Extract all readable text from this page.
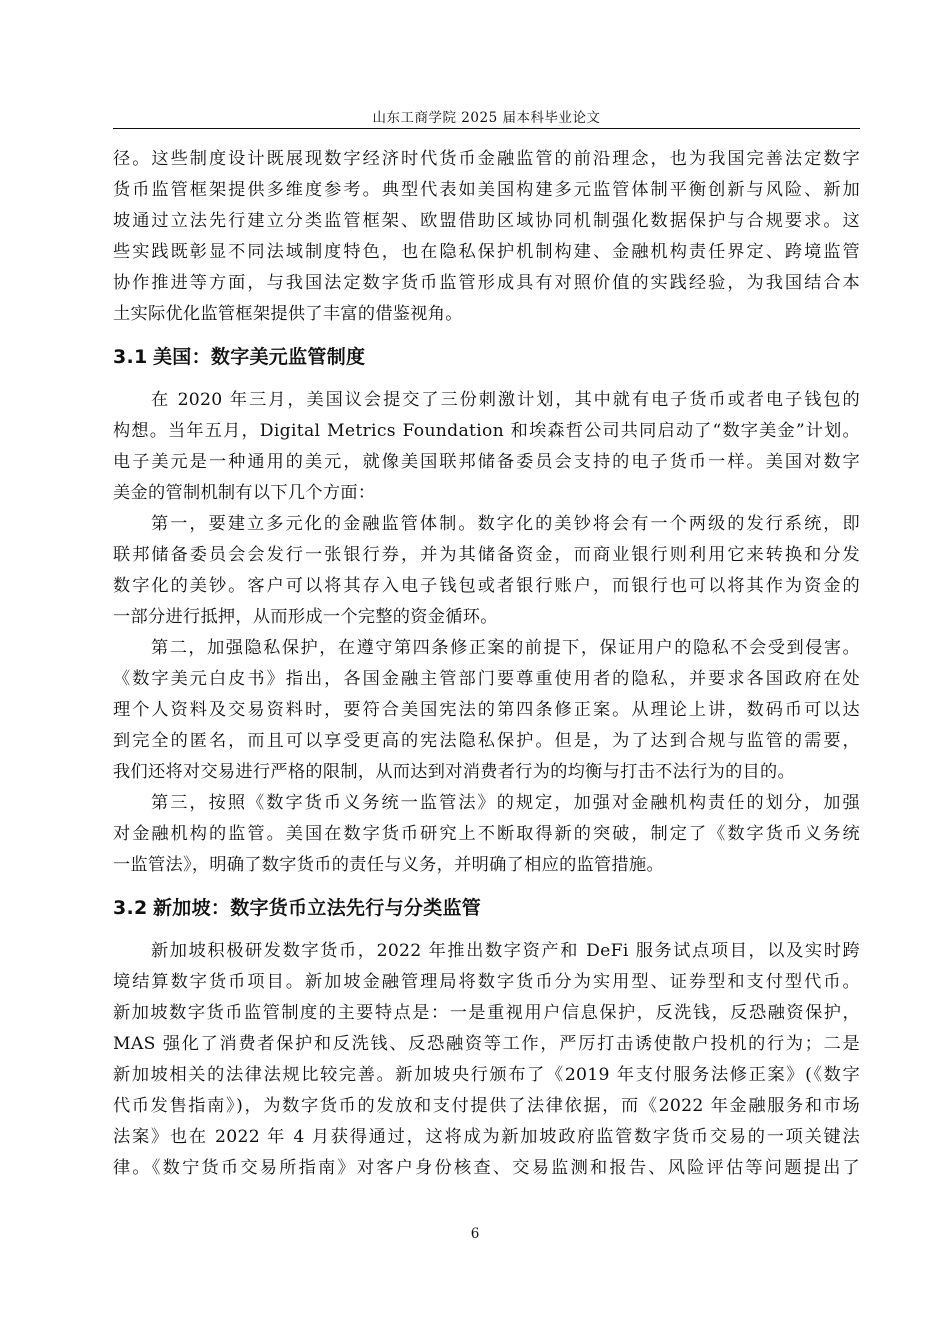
山东工商学院 2025 届本科毕业论文
径。这些制度设计既展现数字经济时代货币金融监管的前沿理念，也为我国完善法定数字
货币监管框架提供多维度参考。典型代表如美国构建多元监管体制平衡创新与风险、新加
坡通过立法先行建立分类监管框架、欧盟借助区域协同机制强化数据保护与合规要求。这
些实践既彰显不同法域制度特色，也在隐私保护机制构建、金融机构责任界定、跨境监管
协作推进等方面，与我国法定数字货币监管形成具有对照价值的实践经验，为我国结合本
土实际优化监管框架提供了丰富的借鉴视角。
3.1 美国：数字美元监管制度
在 2020 年三月，美国议会提交了三份刺激计划，其中就有电子货币或者电子钱包的
构想。当年五月，Digital Metrics Foundation 和埃森哲公司共同启动了“数字美金”计划。
电子美元是一种通用的美元，就像美国联邦储备委员会支持的电子货币一样。美国对数字
美金的管制机制有以下几个方面：
第一，要建立多元化的金融监管体制。数字化的美钞将会有一个两级的发行系统，即
联邦储备委员会会发行一张银行券，并为其储备资金，而商业银行则利用它来转换和分发
数字化的美钞。客户可以将其存入电子钱包或者银行账户，而银行也可以将其作为资金的
一部分进行抵押，从而形成一个完整的资金循环。
第二，加强隐私保护，在遵守第四条修正案的前提下，保证用户的隐私不会受到侵害。
《数字美元白皮书》指出，各国金融主管部门要尊重使用者的隐私，并要求各国政府在处
理个人资料及交易资料时，要符合美国宪法的第四条修正案。从理论上讲，数码币可以达
到完全的匿名，而且可以享受更高的宪法隐私保护。但是，为了达到合规与监管的需要，
我们还将对交易进行严格的限制，从而达到对消费者行为的均衡与打击不法行为的目的。
第三，按照《数字货币义务统一监管法》的规定，加强对金融机构责任的划分，加强
对金融机构的监管。美国在数字货币研究上不断取得新的突破，制定了《数字货币义务统
一监管法》，明确了数字货币的责任与义务，并明确了相应的监管措施。
3.2 新加坡：数字货币立法先行与分类监管
新加坡积极研发数字货币，2022 年推出数字资产和 DeFi 服务试点项目，以及实时跨
境结算数字货币项目。新加坡金融管理局将数字货币分为实用型、证券型和支付型代币。
新加坡数字货币监管制度的主要特点是：一是重视用户信息保护，反洗钱，反恐融资保护，
MAS 强化了消费者保护和反洗钱、反恐融资等工作，严厉打击诱使散户投机的行为；二是
新加坡相关的法律法规比较完善。新加坡央行颁布了《2019 年支付服务法修正案》(《数字
代币发售指南》)，为数字货币的发放和支付提供了法律依据，而《2022 年金融服务和市场
法案》也在 2022 年 4 月获得通过，这将成为新加坡政府监管数字货币交易的一项关键法
律。《数宁货币交易所指南》对客户身份核查、交易监测和报告、风险评估等问题提出了
6
